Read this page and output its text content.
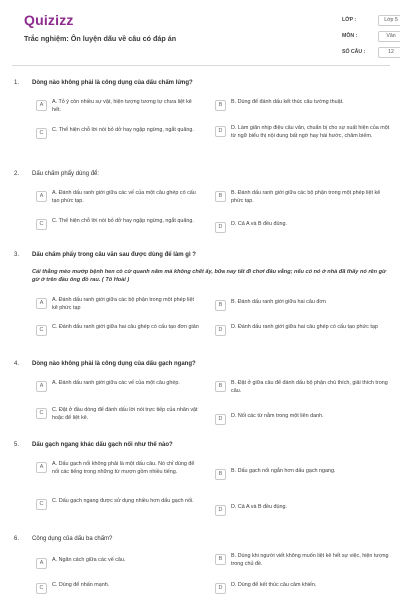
Quizizz
Trắc nghiệm: Ôn luyện dấu về câu có đáp án
LỚP :	Lớp 5
MÔN :	Văn
SỐ CÂU :	12
1. Dòng nào không phải là công dụng của dấu chấm lửng?
A	A. Tỏ ý còn nhiều sự vật, hiện tượng tương tự chưa liệt kê hết.
B	B. Dùng để đánh dấu kết thúc câu tường thuật.
C	C. Thể hiện chỗ lời nói bỏ dở hay ngập ngừng, ngắt quãng.	D	D. Làm giãn nhịp điệu câu văn, chuẩn bị cho sự xuất hiện của một từ ngữ biểu thị nội dung bất ngờ hay hài hước, châm biếm.
2. Dấu chấm phẩy dùng để:
A	A. Đánh dấu ranh giới giữa các vế của một câu ghép có cấu tạo phức tạp.
B	B. Đánh dấu ranh giới giữa các bộ phận trong một phép liệt kê phức tạp.
C	C. Thể hiện chỗ lời nói bỏ dở hay ngập ngừng, ngắt quãng.
D	D. Cả A và B đều đúng.
3. Dấu chấm phẩy trong câu văn sau được dùng để làm gì ?
Cái thằng mèo mướp bệnh hen cò cử quanh năm mà không chết ấy, bữa nay tất đi chơi đâu vắng; nếu có nó ở nhà đã thấy nó rên gừ gừ ở trên đầu ông đồ rau. ( Tô Hoài )
A	A. Đánh dấu ranh giới giữa các bộ phận trong một phép liệt kê phức tạp	B	B. Đánh dấu ranh giới giữa hai câu đơn
C	C. Đánh dấu ranh giới giữa hai câu ghép có cấu tạo đơn giản	D	D. Đánh dấu ranh giới giữa hai câu ghép có cấu tạo phức tạp
4. Dòng nào không phải là công dụng của dấu gạch ngang?
A	A. Đánh dấu ranh giới giữa các vế của một câu ghép.	B	B. Đặt ở giữa câu để đánh dấu bộ phận chú thích, giải thích trong câu.
C	C. Đặt ở đầu dòng để đánh dấu lời nói trực tiếp của nhân vật hoặc để liệt kê.	D	D. Nối các từ nằm trong một liên danh.
5. Dấu gạch ngang khác dấu gạch nối như thế nào?
A	A. Dấu gạch nối không phải là một dấu câu. Nó chỉ dùng để nối các tiếng trong những từ mượn gồm nhiều tiếng.	B	B. Dấu gạch nối ngắn hơn dấu gạch ngang.
C	C. Dấu gạch ngang được sử dụng nhiều hơn dấu gạch nối.
D	D. Cả A và B đều đúng.
6. Công dụng của dấu ba chấm?
A	A. Ngăn cách giữa các vế câu.	B	B. Dùng khi người viết không muốn liệt kê hết sự việc, hiện tượng trong chủ đề.
C	C. Dùng để nhấn mạnh.	D	D. Dùng để kết thúc câu cảm khiến.
